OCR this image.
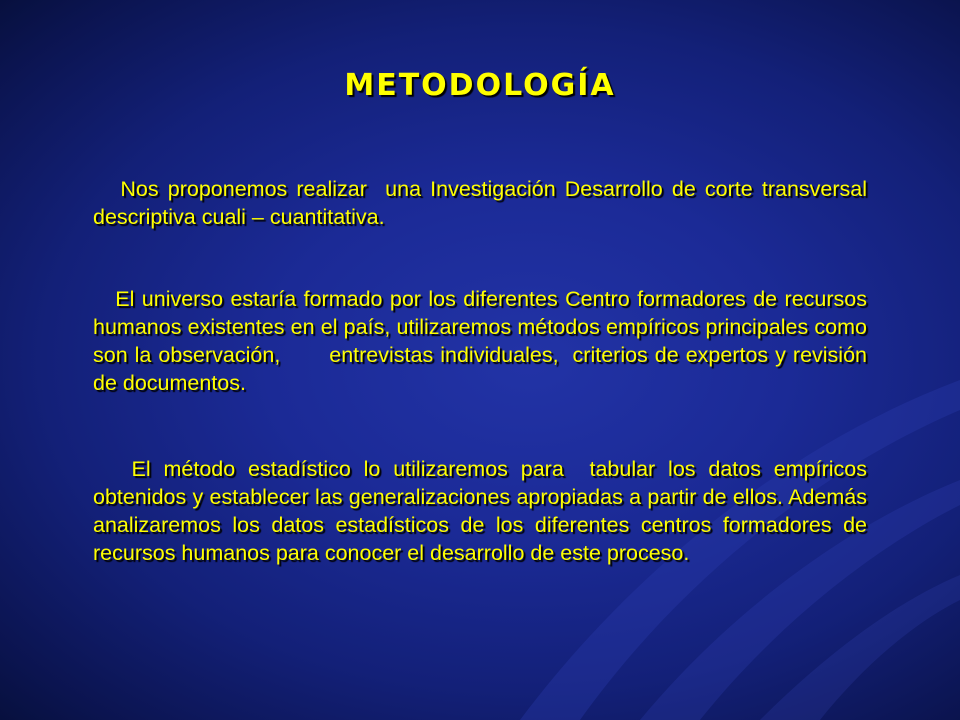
METODOLOGÍA

Nos proponemos realizar  una Investigación Desarrollo de corte transversal  descriptiva cuali – cuantitativa.

El universo estaría formado por los diferentes Centro formadores de recursos humanos existentes en el país, utilizaremos métodos empíricos principales como son la observación,       entrevistas individuales,  criterios de expertos y revisión de documentos.

El método estadístico lo utilizaremos para  tabular los datos empíricos obtenidos y establecer las generalizaciones apropiadas a partir de ellos. Además  analizaremos los datos estadísticos de los diferentes centros formadores de recursos humanos para conocer el desarrollo de este proceso.
